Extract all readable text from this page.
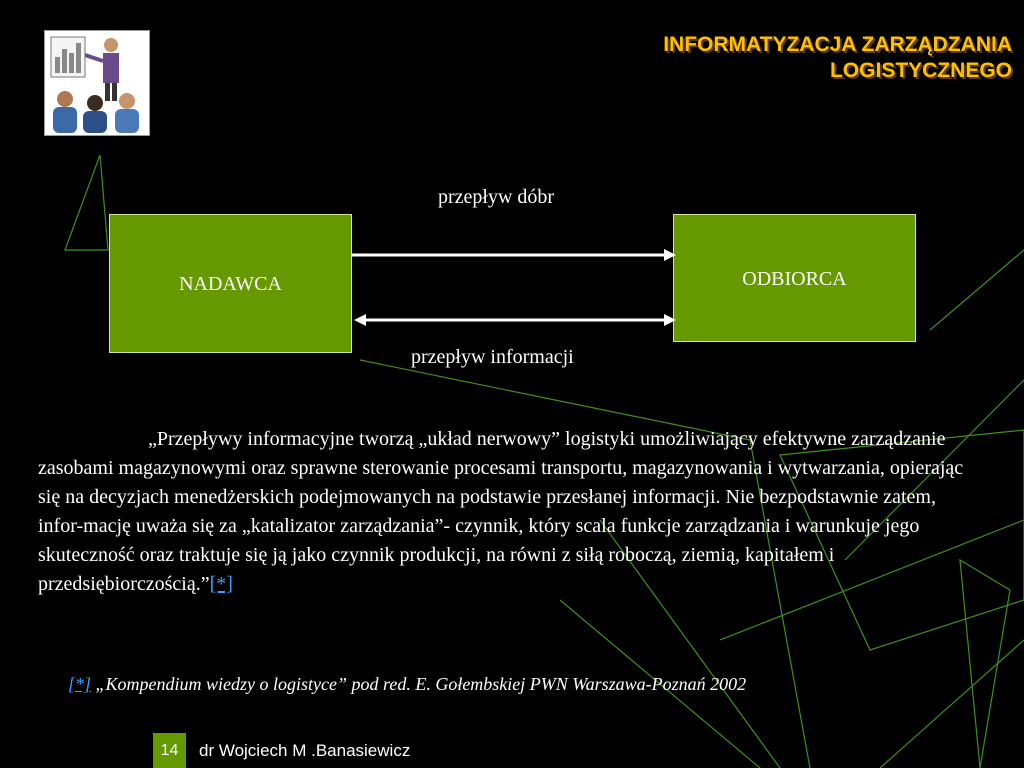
INFORMATYZACJA ZARZĄDZANIA
LOGISTYCZNEGO
NADAWCA	ODBIORCA
przepływ dóbr
przepływ informacji
„Przepływy informacyjne tworzą „układ nerwowy” logistyki umożliwiający efektywne zarządzanie zasobami magazynowymi oraz sprawne sterowanie procesami transportu, magazynowania i wytwarzania, opierając się na decyzjach menedżerskich podejmowanych na podstawie przesłanej informacji. Nie bezpodstawnie zatem, infor-mację uważa się za „katalizator zarządzania”- czynnik, który scala funkcje zarządzania i warunkuje jego skuteczność oraz traktuje się ją jako czynnik produkcji, na równi z siłą roboczą, ziemią, kapitałem i przedsiębiorczością.”[*]
[*] „Kompendium wiedzy o logistyce” pod red. E. Gołembskiej PWN Warszawa-Poznań 2002
14	dr Wojciech M .Banasiewicz
